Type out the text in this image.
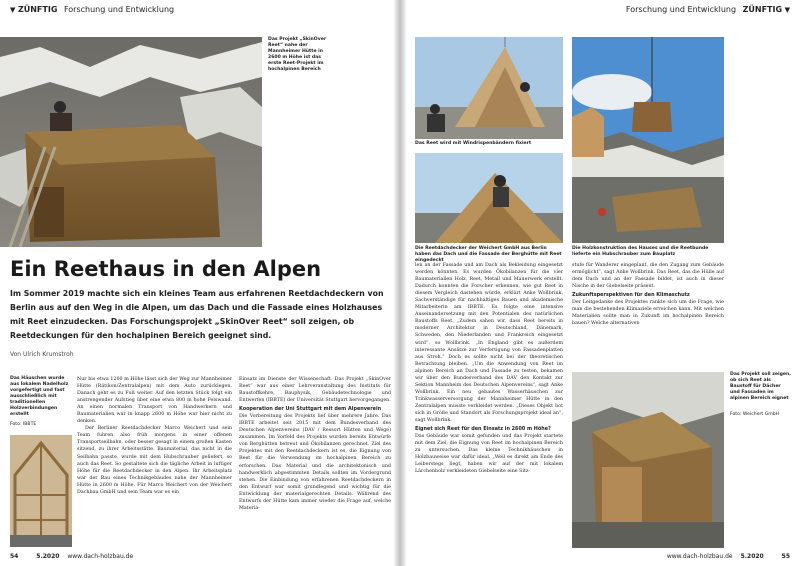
▼ ZÜNFTIG Forschung und Entwicklung
Das Projekt „SkinOver Reet“ nahe der Mannheimer Hütte in 2600 m Höhe ist das erste Reet-Projekt im hochalpinen Bereich
Ein Reethaus in den Alpen
Im Sommer 2019 machte sich ein kleines Team aus erfahrenen Reetdachdeckern von Berlin aus auf den Weg in die Alpen, um das Dach und die Fassade eines Holzhauses mit Reet einzudecken. Das Forschungsprojekt „SkinOver Reet“ soll zeigen, ob Reetdeckungen für den hochalpinen Bereich geeignet sind.
Von Ulrich Krumstroh
Das Häuschen wurde aus lokalem Nadelholz vorgefertigt und fast ausschließlich mit traditionellen Holzverbindungen erstellt
Foto: IBBTE

Nur bis etwa 1200 m Höhe lässt sich der Weg zur Mannheimer Hütte (Rätikon/Zentralalpen) mit dem Auto zurücklegen. Danach geht es zu Fuß weiter. Auf den letzten Stück folgt ein anstrengender Aufstieg über eine etwa 800 m hohe Felswand. An einen normalen Transport von Handwerkern und Baumaterialien war in knapp 2600 m Höhe war hier nicht zu denken.

Der Berliner Reetdachdecker Marco Weichert und sein Team fuhren also früh morgens in einer offenen Transportseilbahn, oder besser gesagt in einem großen Kasten sitzend, zu ihrer Arbeitsstätte. Baumaterial, das nicht in die Seilbahn passte, wurde mit dem Hubschrauber geliefert, so auch das Reet. So gestaltete sich die tägliche Arbeit in luftiger Höhe für die Reetdachdecker in den Alpen. Ihr Arbeitsplatz war der Bau eines Technikgebäudes nahe der Mannheimer Hütte in 2600 m Höhe. Für Marco Weichert von der Weichert Dachbau GmbH und sein Team war es ein

Einsatz im Dienste der Wissenschaft. Das Projekt „SkinOver Reet“ war aus einer Lehrveranstaltung des Instituts für Baustoffkehre, Bauphysik, Gebäudetechnologie und Entwerfen (IBBTE) der Universität Stuttgart hervorgegangen.

Kooperation der Uni Stuttgart mit dem Alpenverein

Die Vorbereitung des Projekts lief über mehrere Jahre. Das IBBTE arbeitet seit 2015 mit dem Bundesverband des Deutschen Alpenvereins (DAV / Ressort Hütten und Wege) zusammen. Im Vorfeld des Projekts wurden bereits Entwürfe von Berghütten betreut und Ökobilanzen gerechnet. Ziel des Projektes mit den Reetdachdeckern ist es, die Eignung von Reet für die Verwendung im hochalpinen Bereich zu erforschen. Das Material und die architektonisch und handwerklich abgestimmten Details sollten im Vordergrund stehen. Die Einbindung von erfahrenen Reetdachdeckern in den Entwurf war somit grundlegend und wichtig für die Entwicklung der materialgerechten Details. Während des Entwurfs der Hütte kam immer wieder die Frage auf, welche Materia-

54	5.2020 www.dach-holzbau.de
Forschung und Entwicklung ZÜNFTIG ▼
Das Reet wird mit Windrispenbändern fixiert
Die Reetdachdecker der Weichert GmbH aus Berlin haben das Dach und die Fassade der Berghütte mit Reet eingedeckt
Die Holzkonstruktion des Hauses und die Reetbunde lieferte ein Hubschrauber zum Bauplatz

len an der Fassade und am Dach als Bekleidung eingesetzt werden könnten. Es wurden Ökobilanzen für die vier Baumaterialien Holz, Reet, Metall und Mauerwerk erstellt. Dadurch konnten die Forscher erkennen, wie gut Reet in diesem Vergleich dastehen würde, erklärt Anke Wollbrink, Sachverständige für nachhaltiges Bauen und akademische Mitarbeiterin am IBBTE. Es folgte eine intensive Auseinandersetzung mit den Potentialen des natürlichen Baustoffs Reet. „Zudem sahen wir, dass Reet bereits in moderner Architektur in Deutschland, Dänemark, Schweden, den Niederlanden und Frankreich eingesetzt wird“, so Wollbrink. „In England gibt es außerdem interessante Ansätze zur Verfertigung von Fassadenplatten aus Stroh.“ Doch es sollte nicht bei der theoretischen Betrachtung bleiben. „Um die Anwendung von Reet im alpinen Bereich an Dach und Fassade zu testen, bekamen wir über den Bundesverband des DAV den Kontakt zur Sektion Mannheim des Deutschen Alpenvereins“, sagt Anke Wollbrink. Ein neu gebautes Wasserhäuschen zur Trinkwasserversorgung der Mannheimer Hütte in den Zentralalpen musste verkleidet werden. „Dieses Objekt bot sich in Größe und Standort als Forschungsprojekt ideal an“, sagt Wollbrink.

Eignet sich Reet für den Einsatz in 2600 m Höhe?

Das Gebäude war somit gefunden und das Projekt startete mit dem Ziel, die Eignung von Reet im hochalpinen Bereich zu untersuchen. Das kleine Technikhäuschen in Holzbauweise war dafür ideal. „Weil es direkt am Ende des Leiberstegs liegt, haben wir auf der mit lokalem Lärchenholz verkleideten Giebelseite eine Sitz-

stufe für Wanderer eingeplant, die den Zugang zum Gebäude ermöglicht“, sagt Anke Wollbrink. Das Reet, das die Hülle auf dem Dach und an der Fassade bildet, ist auch in dieser Nische in der Giebelseite präsent.

Zukunftsperspektiven für den Klimaschutz

Der Leitgedanke des Projektes rankte sich um die Frage, wie man die bestehenden Klimaziele erreichen kann. Mit welchen Materialien sollte man in Zukunft im hochalpinen Bereich bauen? Welche alternativen

Das Projekt soll zeigen, ob sich Reet als Baustoff für Dächer und Fassaden im alpinen Bereich eignet
Foto: Weichert GmbH
www.dach-holzbau.de 5.2020	55
